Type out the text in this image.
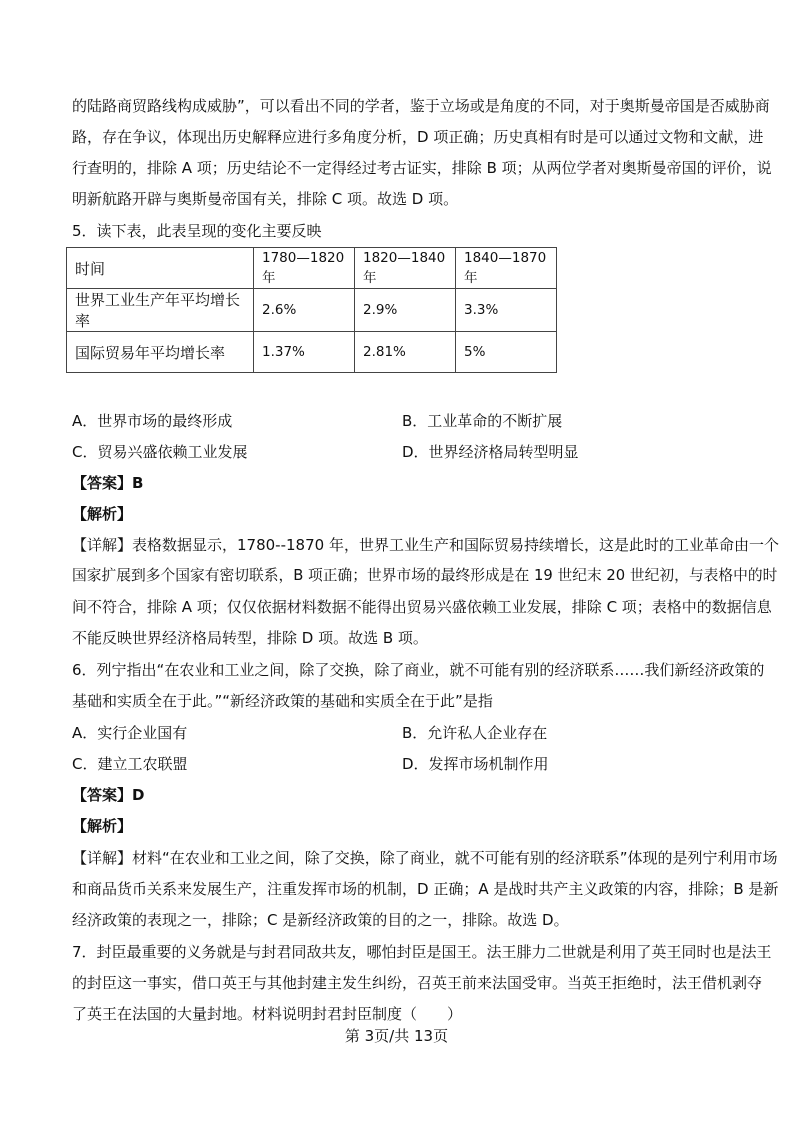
的陆路商贸路线构成威胁”，可以看出不同的学者，鉴于立场或是角度的不同，对于奥斯曼帝国是否威胁商
路，存在争议，体现出历史解释应进行多角度分析，D 项正确；历史真相有时是可以通过文物和文献，进
行查明的，排除 A 项；历史结论不一定得经过考古证实，排除 B 项；从两位学者对奥斯曼帝国的评价，说
明新航路开辟与奥斯曼帝国有关，排除 C 项。故选 D 项。
5．读下表，此表呈现的变化主要反映
时间	1780—1820 年	1820—1840 年	1840—1870 年
世界工业生产年平均增长率	2.6%	2.9%	3.3%
国际贸易年平均增长率	1.37%	2.81%	5%
A．世界市场的最终形成	B．工业革命的不断扩展
C．贸易兴盛依赖工业发展	D．世界经济格局转型明显
【答案】B
【解析】
【详解】表格数据显示，1780--1870 年，世界工业生产和国际贸易持续增长，这是此时的工业革命由一个
国家扩展到多个国家有密切联系，B 项正确；世界市场的最终形成是在 19 世纪末 20 世纪初，与表格中的时
间不符合，排除 A 项；仅仅依据材料数据不能得出贸易兴盛依赖工业发展，排除 C 项；表格中的数据信息
不能反映世界经济格局转型，排除 D 项。故选 B 项。
6．列宁指出“在农业和工业之间，除了交换，除了商业，就不可能有别的经济联系……我们新经济政策的
基础和实质全在于此。”“新经济政策的基础和实质全在于此”是指
A．实行企业国有	B．允许私人企业存在
C．建立工农联盟	D．发挥市场机制作用
【答案】D
【解析】
【详解】材料“在农业和工业之间，除了交换，除了商业，就不可能有别的经济联系”体现的是列宁利用市场
和商品货币关系来发展生产，注重发挥市场的机制，D 正确；A 是战时共产主义政策的内容，排除；B 是新
经济政策的表现之一，排除；C 是新经济政策的目的之一，排除。故选 D。
7．封臣最重要的义务就是与封君同敌共友，哪怕封臣是国王。法王腓力二世就是利用了英王同时也是法王
的封臣这一事实，借口英王与其他封建主发生纠纷，召英王前来法国受审。当英王拒绝时，法王借机剥夺
了英王在法国的大量封地。材料说明封君封臣制度（　　）
第 3页/共 13页
